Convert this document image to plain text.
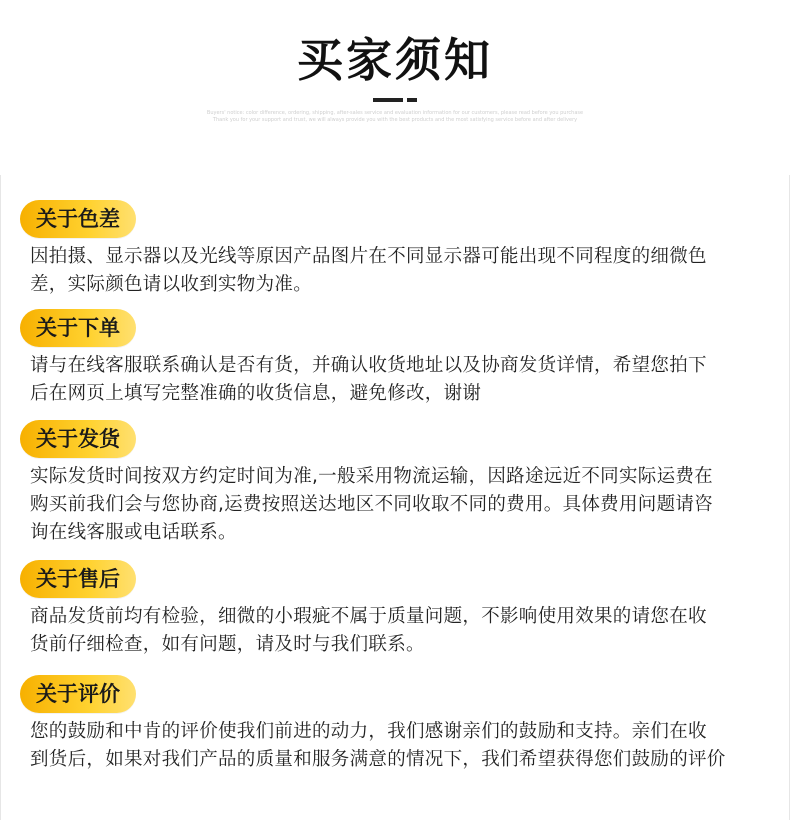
买家须知
Buyers' notice: color difference, ordering, shipping, after-sales service and evaluation information for our customers, please read before you purchase
Thank you for your support and trust, we will always provide you with the best products and the most satisfying service before and after delivery
关于色差

因拍摄、显示器以及光线等原因产品图片在不同显示器可能出现不同程度的细微色
差，实际颜色请以收到实物为准。

关于下单

请与在线客服联系确认是否有货，并确认收货地址以及协商发货详情，希望您拍下
后在网页上填写完整准确的收货信息，避免修改，谢谢

关于发货

实际发货时间按双方约定时间为准,一般采用物流运输，因路途远近不同实际运费在
购买前我们会与您协商,运费按照送达地区不同收取不同的费用。具体费用问题请咨
询在线客服或电话联系。

关于售后

商品发货前均有检验，细微的小瑕疵不属于质量问题，不影响使用效果的请您在收
货前仔细检查，如有问题，请及时与我们联系。

关于评价

您的鼓励和中肯的评价使我们前进的动力，我们感谢亲们的鼓励和支持。亲们在收
到货后，如果对我们产品的质量和服务满意的情况下，我们希望获得您们鼓励的评价
